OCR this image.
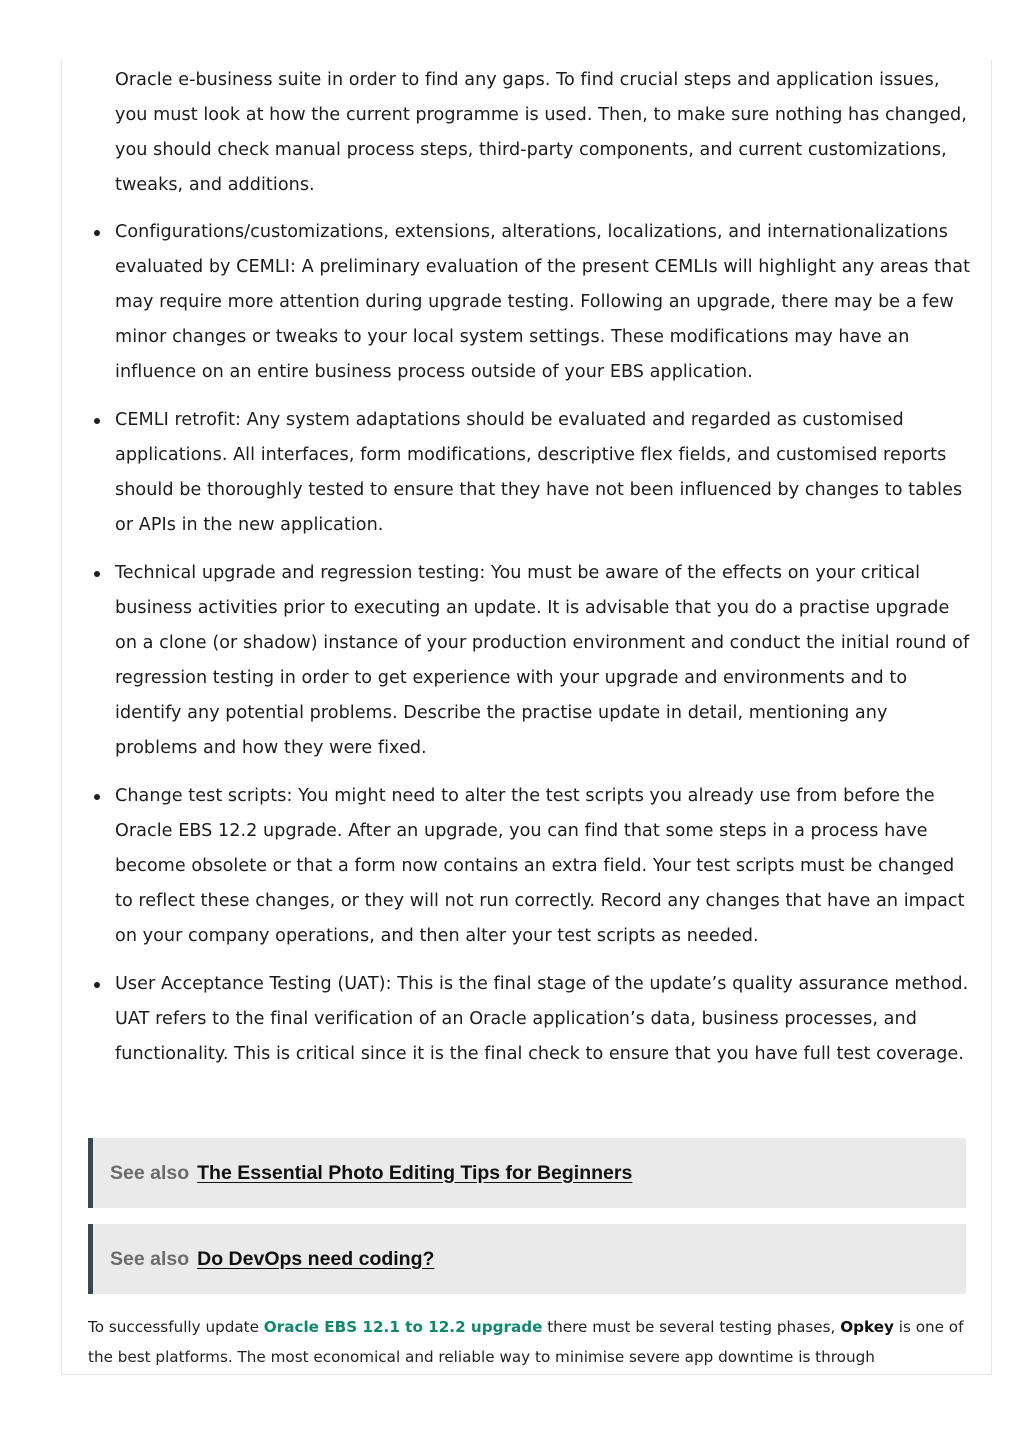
Oracle e-business suite in order to find any gaps. To find crucial steps and application issues, you must look at how the current programme is used. Then, to make sure nothing has changed, you should check manual process steps, third-party components, and current customizations, tweaks, and additions.

Configurations/customizations, extensions, alterations, localizations, and internationalizations evaluated by CEMLI: A preliminary evaluation of the present CEMLIs will highlight any areas that may require more attention during upgrade testing. Following an upgrade, there may be a few minor changes or tweaks to your local system settings. These modifications may have an influence on an entire business process outside of your EBS application.
CEMLI retrofit: Any system adaptations should be evaluated and regarded as customised applications. All interfaces, form modifications, descriptive flex fields, and customised reports should be thoroughly tested to ensure that they have not been influenced by changes to tables or APIs in the new application.
Technical upgrade and regression testing: You must be aware of the effects on your critical business activities prior to executing an update. It is advisable that you do a practise upgrade on a clone (or shadow) instance of your production environment and conduct the initial round of regression testing in order to get experience with your upgrade and environments and to identify any potential problems. Describe the practise update in detail, mentioning any problems and how they were fixed.
Change test scripts: You might need to alter the test scripts you already use from before the Oracle EBS 12.2 upgrade. After an upgrade, you can find that some steps in a process have become obsolete or that a form now contains an extra field. Your test scripts must be changed to reflect these changes, or they will not run correctly. Record any changes that have an impact on your company operations, and then alter your test scripts as needed.
User Acceptance Testing (UAT): This is the final stage of the update’s quality assurance method. UAT refers to the final verification of an Oracle application’s data, business processes, and functionality. This is critical since it is the final check to ensure that you have full test coverage.
See also The Essential Photo Editing Tips for Beginners
See also Do DevOps need coding?

To successfully update Oracle EBS 12.1 to 12.2 upgrade there must be several testing phases, Opkey is one of the best platforms. The most economical and reliable way to minimise severe app downtime is through
